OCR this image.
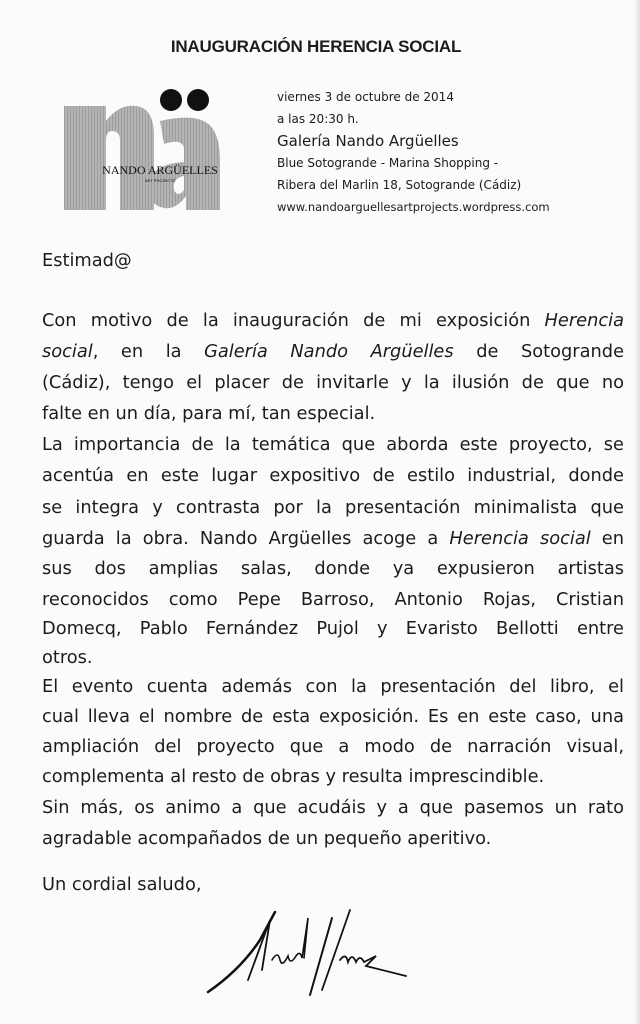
INAUGURACIÓN HERENCIA SOCIAL
NANDO ARGÜELLES
ART PROJECTS
viernes 3 de octubre de 2014
a las 20:30 h.
Galería Nando Argüelles
Blue Sotogrande - Marina Shopping -
Ribera del Marlin 18, Sotogrande (Cádiz)
www.nandoarguellesartprojects.wordpress.com
Estimad@
Con motivo de la inauguración de mi exposición Herencia
social, en la Galería Nando Argüelles de Sotogrande
(Cádiz), tengo el placer de invitarle y la ilusión de que no
falte en un día, para mí, tan especial.
La importancia de la temática que aborda este proyecto, se
acentúa en este lugar expositivo de estilo industrial, donde
se integra y contrasta por la presentación minimalista que
guarda la obra. Nando Argüelles acoge a Herencia social en
sus dos amplias salas, donde ya expusieron artistas
reconocidos como Pepe Barroso, Antonio Rojas, Cristian
Domecq, Pablo Fernández Pujol y Evaristo Bellotti entre
otros.
El evento cuenta además con la presentación del libro, el
cual lleva el nombre de esta exposición. Es en este caso, una
ampliación del proyecto que a modo de narración visual,
complementa al resto de obras y resulta imprescindible.
Sin más, os animo a que acudáis y a que pasemos un rato
agradable acompañados de un pequeño aperitivo.
Un cordial saludo,
